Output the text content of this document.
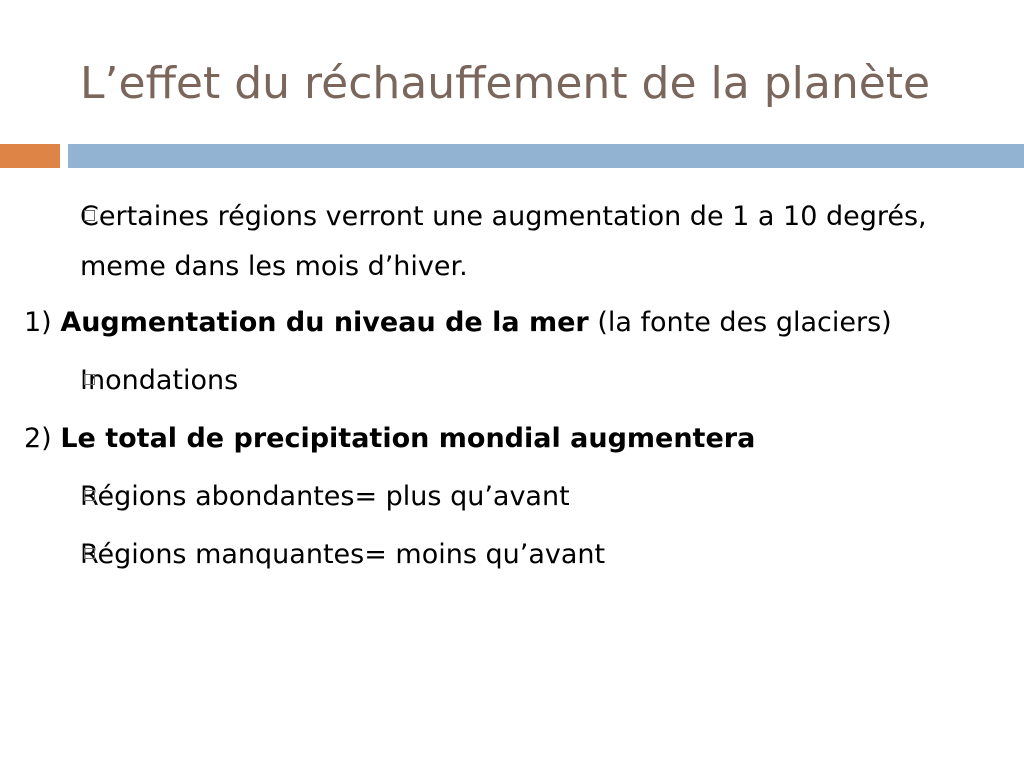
L’effet du réchauffement de la planète

Certaines régions verront une augmentation de 1 a 10 degrés, meme dans les mois d’hiver.

1) Augmentation du niveau de la mer (la fonte des glaciers)

Inondations

2) Le total de precipitation mondial augmentera

Régions abondantes= plus qu’avant

Régions manquantes= moins qu’avant
